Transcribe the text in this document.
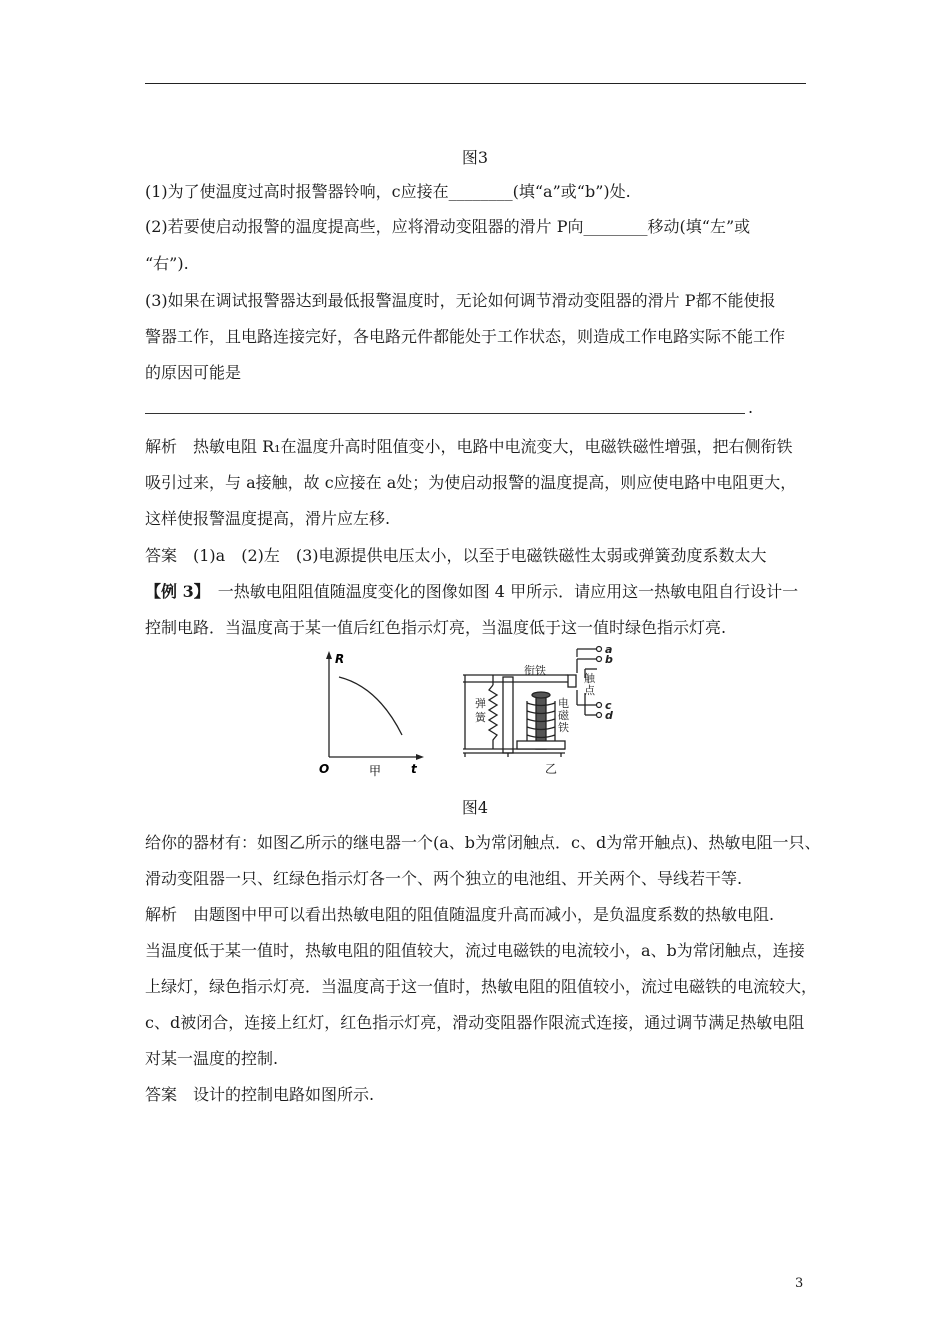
图3
(1)为了使温度过高时报警器铃响，c应接在________(填“a”或“b”)处.
(2)若要使启动报警的温度提高些，应将滑动变阻器的滑片 P向________移动(填“左”或
“右”).
(3)如果在调试报警器达到最低报警温度时，无论如何调节滑动变阻器的滑片 P都不能使报
警器工作，且电路连接完好，各电路元件都能处于工作状态，则造成工作电路实际不能工作
的原因可能是
.
解析　热敏电阻 R₁在温度升高时阻值变小，电路中电流变大，电磁铁磁性增强，把右侧衔铁
吸引过来，与 a接触，故 c应接在 a处；为使启动报警的温度提高，则应使电路中电阻更大，
这样使报警温度提高，滑片应左移.
答案　(1)a　(2)左　(3)电源提供电压太小，以至于电磁铁磁性太弱或弹簧劲度系数太大
【例 3】　一热敏电阻阻值随温度变化的图像如图 4 甲所示．请应用这一热敏电阻自行设计一
控制电路．当温度高于某一值后红色指示灯亮，当温度低于这一值时绿色指示灯亮.
R
t
O	甲
衔铁
弹
簧
电
磁
铁
触
点
a
b
c
d
乙
图4
给你的器材有：如图乙所示的继电器一个(a、b为常闭触点．c、d为常开触点)、热敏电阻一只、
滑动变阻器一只、红绿色指示灯各一个、两个独立的电池组、开关两个、导线若干等.
解析　由题图中甲可以看出热敏电阻的阻值随温度升高而减小，是负温度系数的热敏电阻.
当温度低于某一值时，热敏电阻的阻值较大，流过电磁铁的电流较小，a、b为常闭触点，连接
上绿灯，绿色指示灯亮．当温度高于这一值时，热敏电阻的阻值较小，流过电磁铁的电流较大，
c、d被闭合，连接上红灯，红色指示灯亮，滑动变阻器作限流式连接，通过调节满足热敏电阻
对某一温度的控制.
答案　设计的控制电路如图所示.
3
